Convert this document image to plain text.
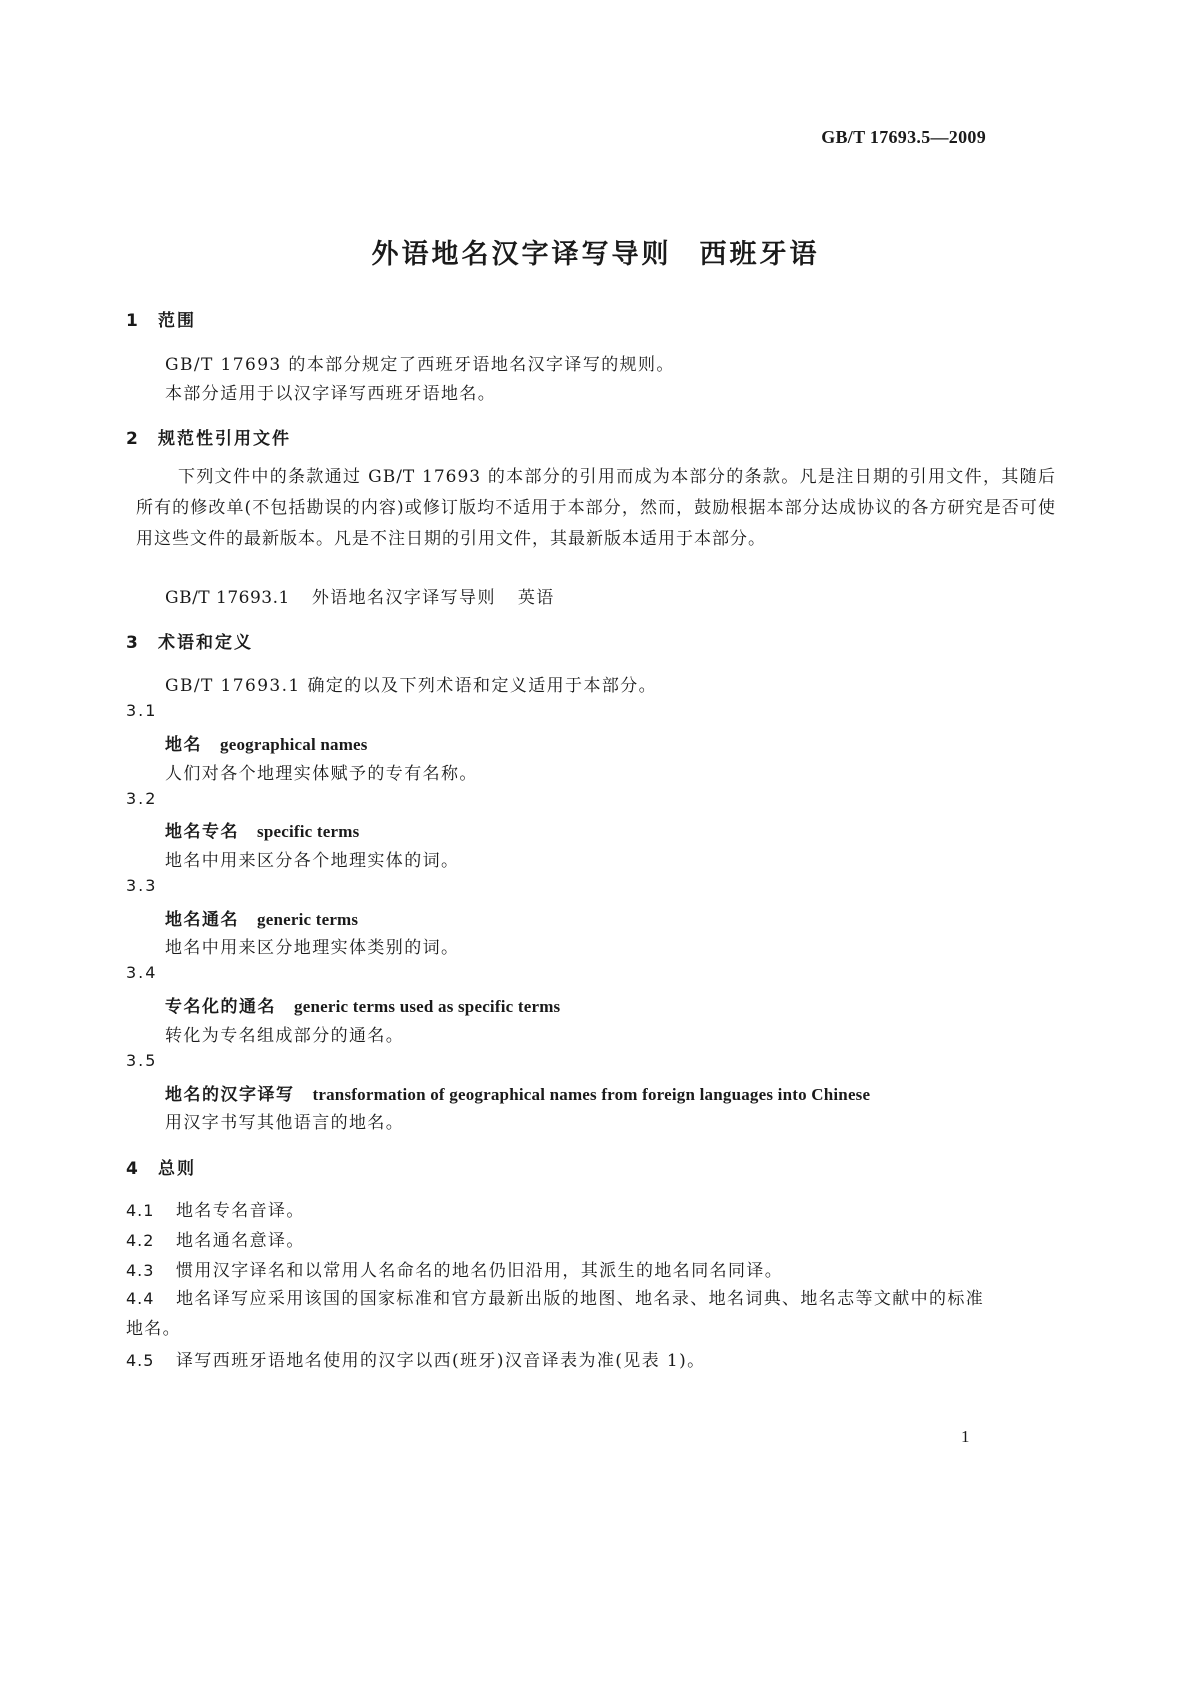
GB/T 17693.5—2009
外语地名汉字译写导则 西班牙语
1 范围
GB/T 17693 的本部分规定了西班牙语地名汉字译写的规则。
本部分适用于以汉字译写西班牙语地名。
2 规范性引用文件
下列文件中的条款通过 GB/T 17693 的本部分的引用而成为本部分的条款。凡是注日期的引用文件，其随后所有的修改单(不包括勘误的内容)或修订版均不适用于本部分，然而，鼓励根据本部分达成协议的各方研究是否可使用这些文件的最新版本。凡是不注日期的引用文件，其最新版本适用于本部分。
GB/T 17693.1 外语地名汉字译写导则 英语
3 术语和定义
GB/T 17693.1 确定的以及下列术语和定义适用于本部分。
3.1
地名 geographical names
人们对各个地理实体赋予的专有名称。
3.2
地名专名 specific terms
地名中用来区分各个地理实体的词。
3.3
地名通名 generic terms
地名中用来区分地理实体类别的词。
3.4
专名化的通名 generic terms used as specific terms
转化为专名组成部分的通名。
3.5
地名的汉字译写 transformation of geographical names from foreign languages into Chinese
用汉字书写其他语言的地名。
4 总则
4.1 地名专名音译。
4.2 地名通名意译。
4.3 惯用汉字译名和以常用人名命名的地名仍旧沿用，其派生的地名同名同译。
4.4 地名译写应采用该国的国家标准和官方最新出版的地图、地名录、地名词典、地名志等文献中的标准地名。
4.5 译写西班牙语地名使用的汉字以西(班牙)汉音译表为准(见表 1)。
1
